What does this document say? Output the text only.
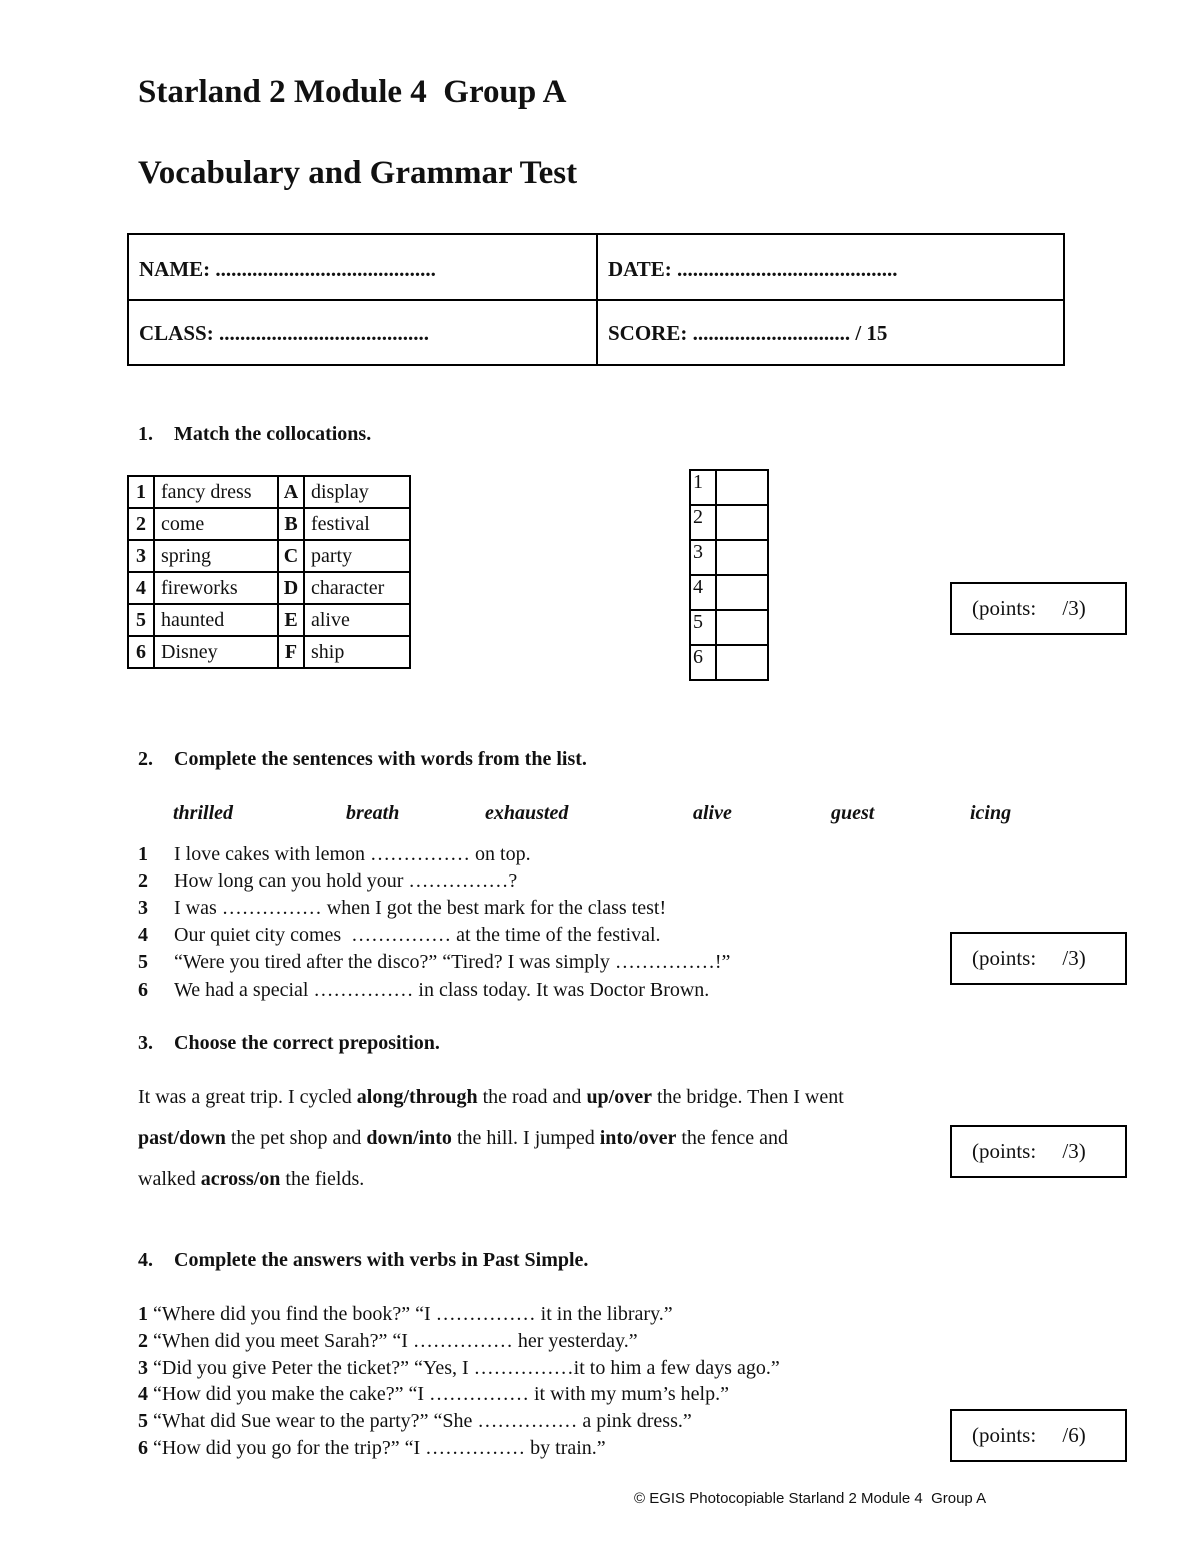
Starland 2 Module 4  Group A
Vocabulary and Grammar Test
NAME: ..........................................	DATE: ..........................................
CLASS: ........................................	SCORE: .............................. / 15
1. Match the collocations.
1	fancy dress	A	display
2	come	B	festival
3	spring	C	party
4	fireworks	D	character
5	haunted	E	alive
6	Disney	F	ship
1	
2	
3	
4	
5	
6	
(points:     /3)
2. Complete the sentences with words from the list.
thrilled	breath	exhausted	alive	guest	icing
1 I love cakes with lemon …………… on top.
2 How long can you hold your ……………?
3 I was …………… when I got the best mark for the class test!
4 Our quiet city comes  …………… at the time of the festival.
5 “Were you tired after the disco?” “Tired? I was simply ……………!”
6 We had a special …………… in class today. It was Doctor Brown.
(points:     /3)
3. Choose the correct preposition.
It was a great trip. I cycled along/through the road and up/over the bridge. Then I went
past/down the pet shop and down/into the hill. I jumped into/over the fence and
walked across/on the fields.
(points:     /3)
4. Complete the answers with verbs in Past Simple.
1 “Where did you find the book?” “I …………… it in the library.”
2 “When did you meet Sarah?” “I …………… her yesterday.”
3 “Did you give Peter the ticket?” “Yes, I ……………it to him a few days ago.”
4 “How did you make the cake?” “I …………… it with my mum’s help.”
5 “What did Sue wear to the party?” “She …………… a pink dress.”
6 “How did you go for the trip?” “I …………… by train.”
(points:     /6)
© EGIS Photocopiable Starland 2 Module 4  Group A
